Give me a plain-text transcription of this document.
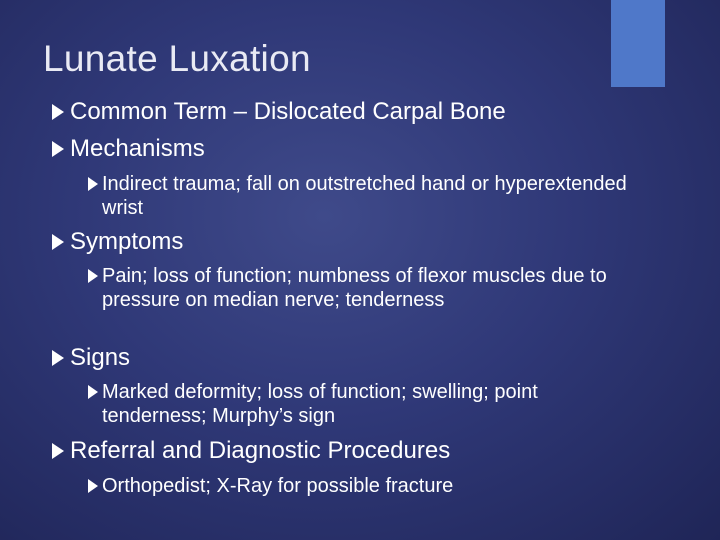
Lunate Luxation
Common Term – Dislocated Carpal Bone
Mechanisms
Indirect trauma; fall on outstretched hand or hyperextended wrist
Symptoms
Pain; loss of function; numbness of flexor muscles due to pressure on median nerve; tenderness
Signs
Marked deformity; loss of function; swelling; point tenderness; Murphy’s sign
Referral and Diagnostic Procedures
Orthopedist; X-Ray for possible fracture
